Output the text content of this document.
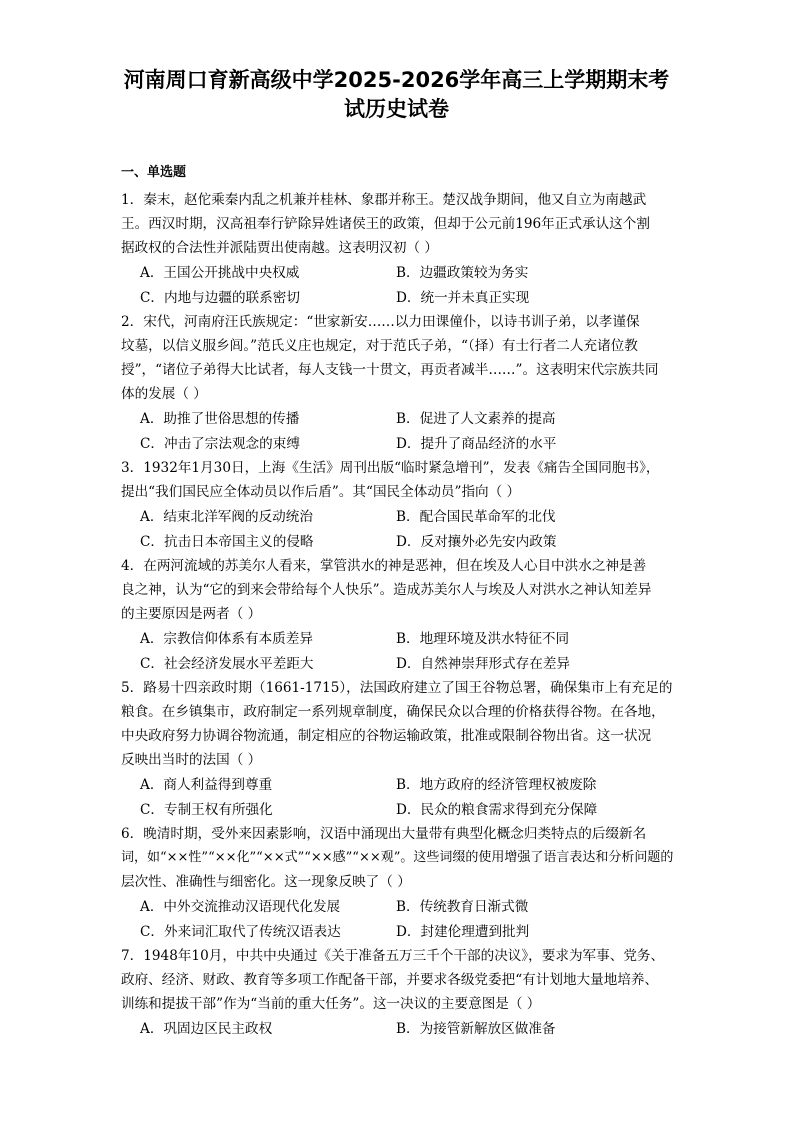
河南周口育新高级中学2025-2026学年高三上学期期末考
试历史试卷
一、单选题
1．秦末，赵佗乘秦内乱之机兼并桂林、象郡并称王。楚汉战争期间，他又自立为南越武
王。西汉时期，汉高祖奉行铲除异姓诸侯王的政策，但却于公元前196年正式承认这个割
据政权的合法性并派陆贾出使南越。这表明汉初（ ）
A．王国公开挑战中央权威	B．边疆政策较为务实
C．内地与边疆的联系密切	D．统一并未真正实现
2．宋代，河南府汪氏族规定：“世家新安……以力田课僮仆，以诗书训子弟，以孝谨保
坟墓，以信义服乡闾。”范氏义庄也规定，对于范氏子弟，“（择）有士行者二人充诸位教
授”，“诸位子弟得大比试者，每人支钱一十贯文，再贡者减半……”。这表明宋代宗族共同
体的发展（ ）
A．助推了世俗思想的传播	B．促进了人文素养的提高
C．冲击了宗法观念的束缚	D．提升了商品经济的水平
3．1932年1月30日，上海《生活》周刊出版“临时紧急增刊”，发表《痛告全国同胞书》，
提出“我们国民应全体动员以作后盾”。其“国民全体动员”指向（ ）
A．结束北洋军阀的反动统治	B．配合国民革命军的北伐
C．抗击日本帝国主义的侵略	D．反对攘外必先安内政策
4．在两河流域的苏美尔人看来，掌管洪水的神是恶神，但在埃及人心目中洪水之神是善
良之神，认为“它的到来会带给每个人快乐”。造成苏美尔人与埃及人对洪水之神认知差异
的主要原因是两者（ ）
A．宗教信仰体系有本质差异	B．地理环境及洪水特征不同
C．社会经济发展水平差距大	D．自然神崇拜形式存在差异
5．路易十四亲政时期（1661-1715），法国政府建立了国王谷物总署，确保集市上有充足的
粮食。在乡镇集市，政府制定一系列规章制度，确保民众以合理的价格获得谷物。在各地，
中央政府努力协调谷物流通，制定相应的谷物运输政策，批准或限制谷物出省。这一状况
反映出当时的法国（ ）
A．商人利益得到尊重	B．地方政府的经济管理权被废除
C．专制王权有所强化	D．民众的粮食需求得到充分保障
6．晚清时期，受外来因素影响，汉语中涌现出大量带有典型化概念归类特点的后缀新名
词，如“××性”“××化”“××式”“××感”“××观”。这些词缀的使用增强了语言表达和分析问题的
层次性、准确性与细密化。这一现象反映了（ ）
A．中外交流推动汉语现代化发展	B．传统教育日渐式微
C．外来词汇取代了传统汉语表达	D．封建伦理遭到批判
7．1948年10月，中共中央通过《关于准备五万三千个干部的决议》，要求为军事、党务、
政府、经济、财政、教育等多项工作配备干部，并要求各级党委把“有计划地大量地培养、
训练和提拔干部”作为“当前的重大任务”。这一决议的主要意图是（ ）
A．巩固边区民主政权	B．为接管新解放区做准备
